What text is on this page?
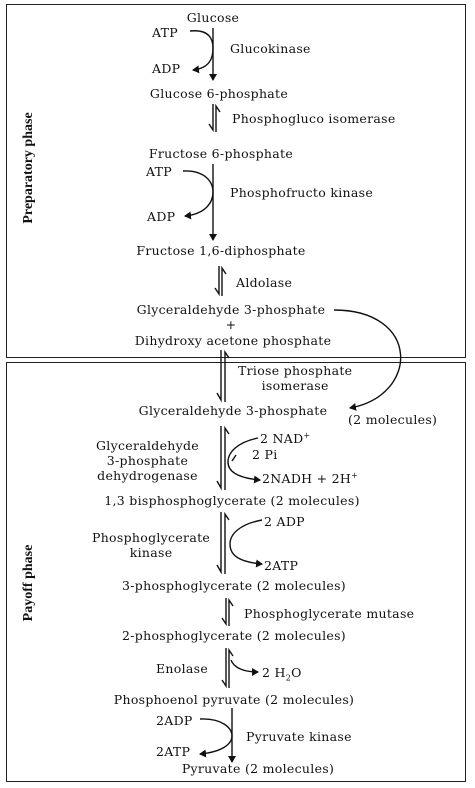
Preparatory phase
Payoff phase
Glucose
Glucose 6-phosphate
Fructose 6-phosphate
Fructose 1,6-diphosphate
Glyceraldehyde 3-phosphate
+
Dihydroxy acetone phosphate
Glyceraldehyde 3-phosphate
(2 molecules)
1,3 bisphosphoglycerate (2 molecules)
3-phosphoglycerate (2 molecules)
2-phosphoglycerate (2 molecules)
Phosphoenol pyruvate (2 molecules)
Pyruvate (2 molecules)
Glucokinase
Phosphogluco isomerase
Phosphofructo kinase
Aldolase
Triose phosphate
isomerase
Glyceraldehyde
3-phosphate
dehydrogenase
Phosphoglycerate
kinase
Phosphoglycerate mutase
Enolase
Pyruvate kinase
ATP
ADP
ATP
ADP
2 NAD+
2 Pi
2NADH + 2H+
2 ADP
2ATP
2 $H_2O$
2ADP
2ATP
